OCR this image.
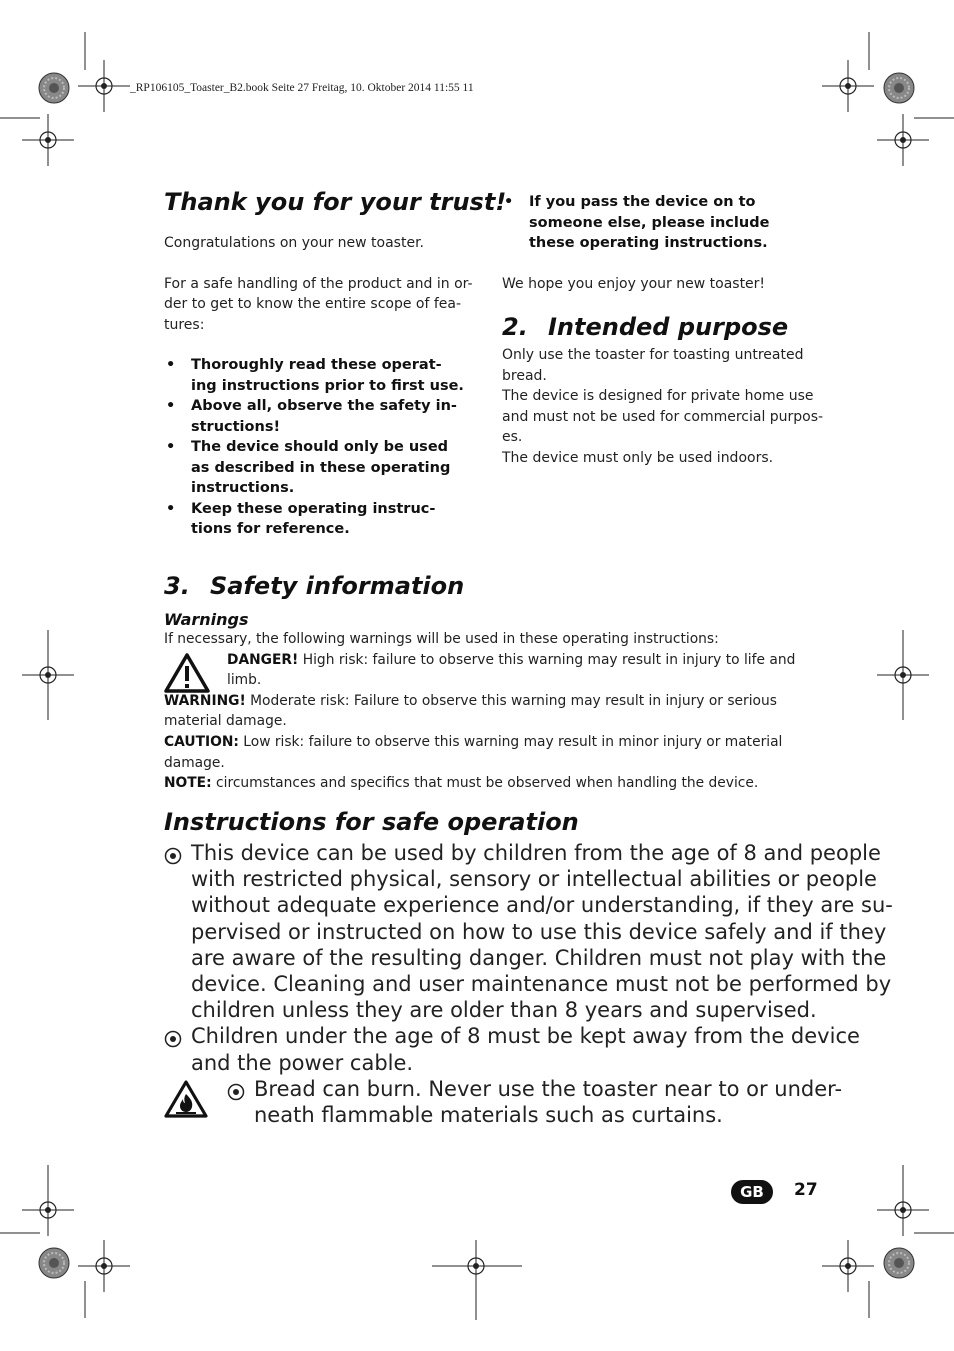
_RP106105_Toaster_B2.book Seite 27 Freitag, 10. Oktober 2014 11:55 11
Thank you for your trust!

Congratulations on your new toaster.

For a safe handling of the product and in or-
der to get to know the entire scope of fea-
tures:

• Thoroughly read these operat-
ing instructions prior to first use.
• Above all, observe the safety in-
structions!
• The device should only be used
as described in these operating
instructions.
• Keep these operating instruc-
tions for reference.
• If you pass the device on to
someone else, please include
these operating instructions.

We hope you enjoy your new toaster!

2. Intended purpose

Only use the toaster for toasting untreated
bread.
The device is designed for private home use
and must not be used for commercial purpos-
es.
The device must only be used indoors.

3. Safety information
Warnings
If necessary, the following warnings will be used in these operating instructions:
DANGER! High risk: failure to observe this warning may result in injury to life and
limb.
WARNING! Moderate risk: Failure to observe this warning may result in injury or serious
material damage.
CAUTION: Low risk: failure to observe this warning may result in minor injury or material
damage.
NOTE: circumstances and specifics that must be observed when handling the device.
Instructions for safe operation
This device can be used by children from the age of 8 and people
with restricted physical, sensory or intellectual abilities or people
without adequate experience and/or understanding, if they are su-
pervised or instructed on how to use this device safely and if they
are aware of the resulting danger. Children must not play with the
device. Cleaning and user maintenance must not be performed by
children unless they are older than 8 years and supervised.
Children under the age of 8 must be kept away from the device
and the power cable.
Bread can burn. Never use the toaster near to or under-
neath flammable materials such as curtains.
GB	27
